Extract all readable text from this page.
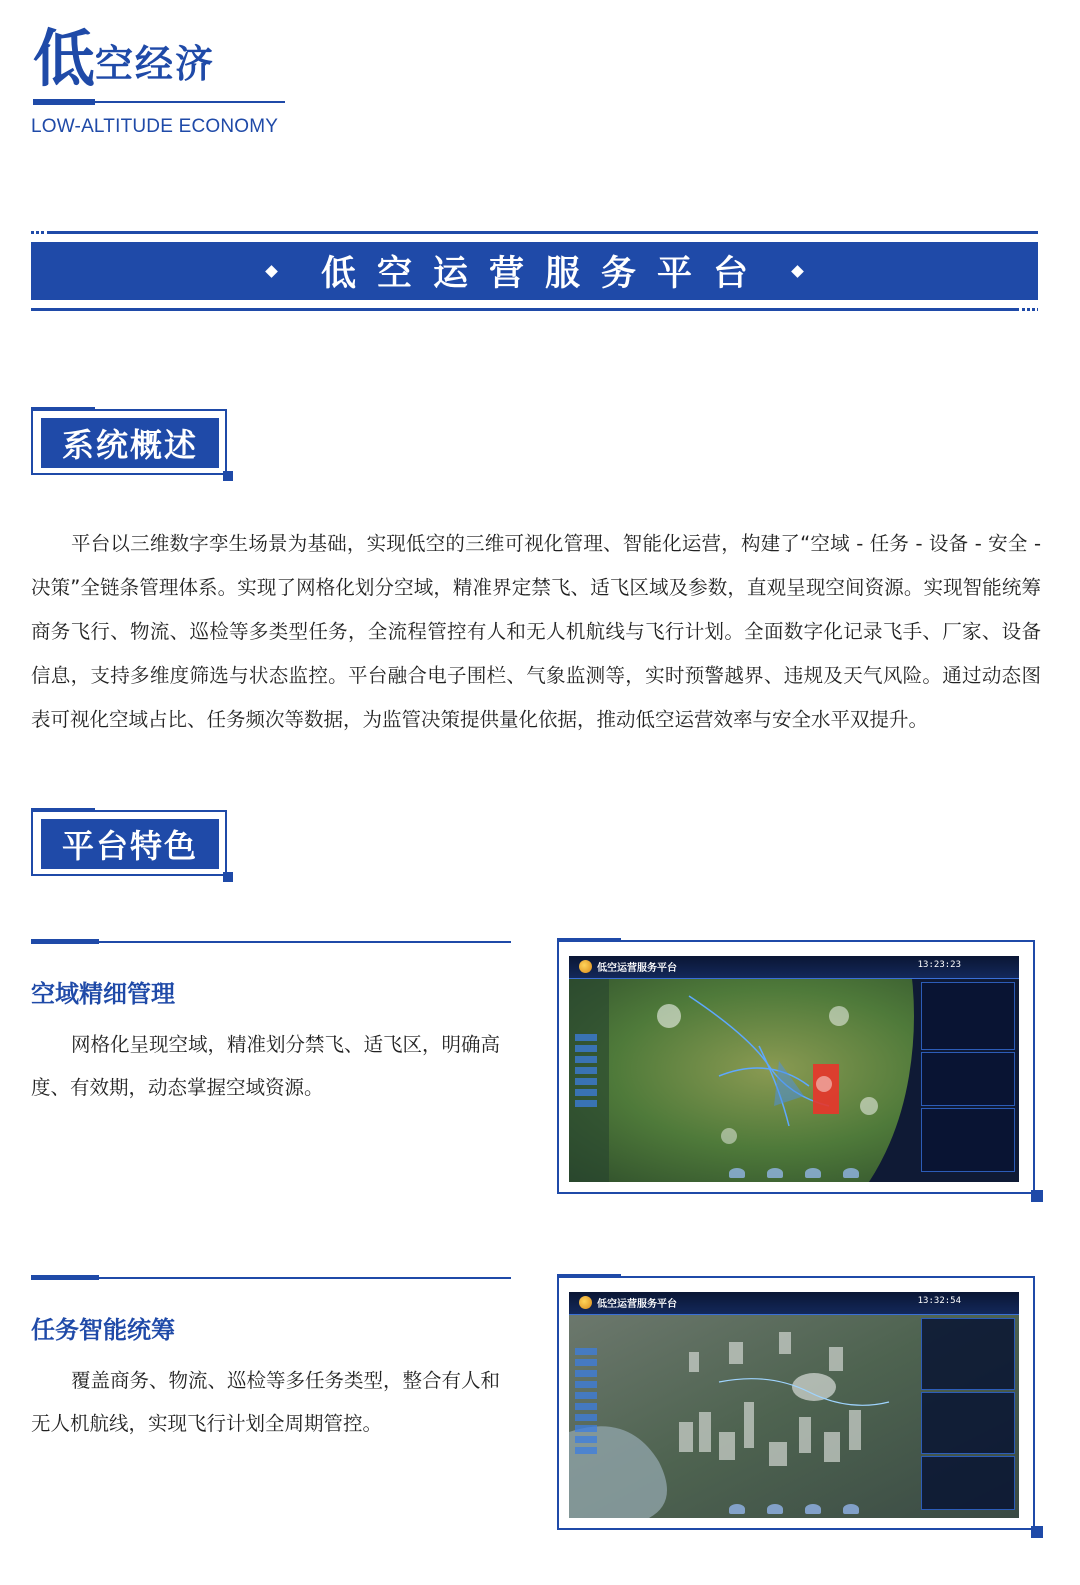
低 空经济
LOW-ALTITUDE ECONOMY
低空运营服务平台
系统概述
平台以三维数字孪生场景为基础，实现低空的三维可视化管理、智能化运营，构建了“空域 - 任务 - 设备 - 安全 - 决策”全链条管理体系。实现了网格化划分空域，精准界定禁飞、适飞区域及参数，直观呈现空间资源。实现智能统筹商务飞行、物流、巡检等多类型任务，全流程管控有人和无人机航线与飞行计划。全面数字化记录飞手、厂家、设备信息，支持多维度筛选与状态监控。平台融合电子围栏、气象监测等，实时预警越界、违规及天气风险。通过动态图表可视化空域占比、任务频次等数据，为监管决策提供量化依据，推动低空运营效率与安全水平双提升。
平台特色
空域精细管理
网格化呈现空域，精准划分禁飞、适飞区，明确高度、有效期，动态掌握空域资源。
低空运营服务平台	13:23:23
任务智能统筹
覆盖商务、物流、巡检等多任务类型，整合有人和无人机航线，实现飞行计划全周期管控。
低空运营服务平台	13:32:54
